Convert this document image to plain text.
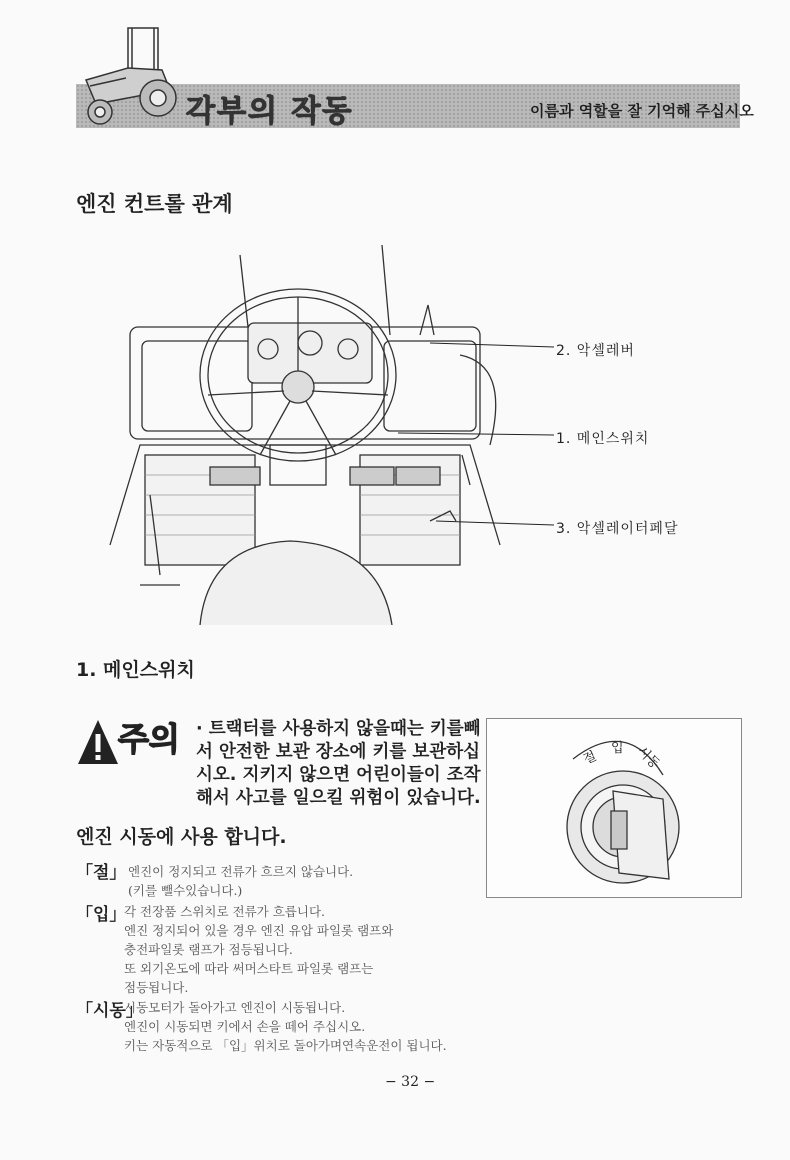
각부의 작동	이름과 역할을 잘 기억해 주십시오
엔진 컨트롤 관계
2. 악셀레버
1. 메인스위치
3. 악셀레이터페달
1. 메인스위치
주의 · 트랙터를 사용하지 않을때는 키를빼
서 안전한 보관 장소에 키를 보관하십
시오. 지키지 않으면 어린이들이 조작
해서 사고를 일으킬 위험이 있습니다.
절
입 시동
엔진 시동에 사용 합니다.
「절」 엔진이 정지되고 전류가 흐르지 않습니다.
(키를 뺄수있습니다.)
「입」
각 전장품 스위치로 전류가 흐릅니다.
엔진 정지되어 있을 경우 엔진 유압 파일롯 램프와
충전파일롯 램프가 점등됩니다.
또 외기온도에 따라 써머스타트 파일롯 램프는
점등됩니다.
「시동」
시동모터가 돌아가고 엔진이 시동됩니다.
엔진이 시동되면 키에서 손을 떼어 주십시오.
키는 자동적으로 「입」위치로 돌아가며연속운전이 됩니다.
− 32 −
